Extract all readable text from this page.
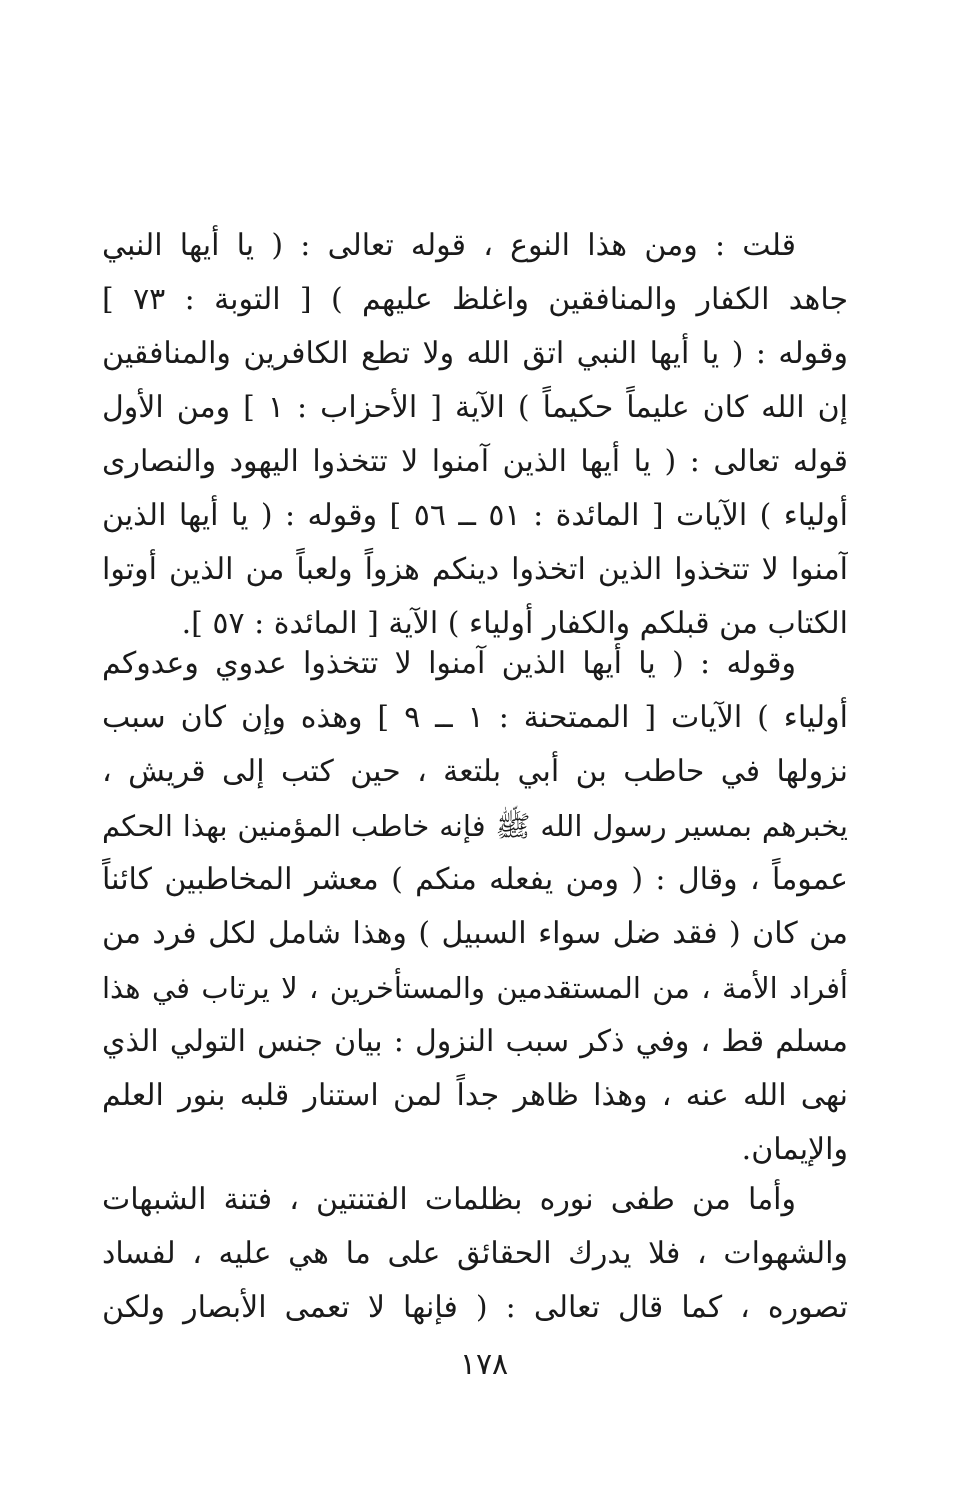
قلت : ومن هذا النوع ، قوله تعالى : ( يا أيها النبي
جاهد الكفار والمنافقين واغلظ عليهم ) [ التوبة : ٧٣ ]
وقوله : ( يا أيها النبي اتق الله ولا تطع الكافرين والمنافقين
إن الله كان عليماً حكيماً ) الآية [ الأحزاب : ١ ] ومن الأول
قوله تعالى : ( يا أيها الذين آمنوا لا تتخذوا اليهود والنصارى
أولياء ) الآيات [ المائدة : ٥١ ــ ٥٦ ] وقوله : ( يا أيها الذين
آمنوا لا تتخذوا الذين اتخذوا دينكم هزواً ولعباً من الذين أوتوا
الكتاب من قبلكم والكفار أولياء ) الآية [ المائدة : ٥٧ ].
وقوله : ( يا أيها الذين آمنوا لا تتخذوا عدوي وعدوكم
أولياء ) الآيات [ الممتحنة : ١ ــ ٩ ] وهذه وإن كان سبب
نزولها في حاطب بن أبي بلتعة ، حين كتب إلى قريش ،
يخبرهم بمسير رسول الله ﷺ فإنه خاطب المؤمنين بهذا الحكم
عموماً ، وقال : ( ومن يفعله منكم ) معشر المخاطبين كائناً
من كان ( فقد ضل سواء السبيل ) وهذا شامل لكل فرد من
أفراد الأمة ، من المستقدمين والمستأخرين ، لا يرتاب في هذا
مسلم قط ، وفي ذكر سبب النزول : بيان جنس التولي الذي
نهى الله عنه ، وهذا ظاهر جداً لمن استنار قلبه بنور العلم
والإيمان.
وأما من طفى نوره بظلمات الفتنتين ، فتنة الشبهات
والشهوات ، فلا يدرك الحقائق على ما هي عليه ، لفساد
تصوره ، كما قال تعالى : ( فإنها لا تعمى الأبصار ولكن
١٧٨
